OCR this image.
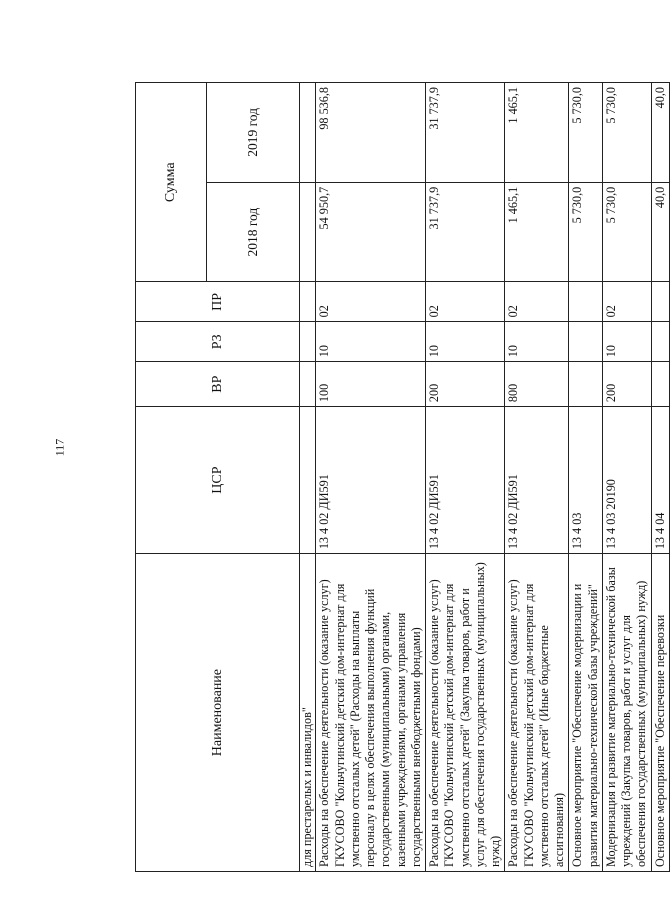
117
Наименование	ЦСР	ВР	РЗ	ПР	Сумма	
					2018 год	2019 год
для престарелых и инвалидов"						
Расходы на обеспечение деятельности (оказание услуг) ГКУСОВО "Кольчугинский детский дом-интернат для умственно отсталых детей" (Расходы на выплаты персоналу в целях обеспечения выполнения функций государственными (муниципальными) органами, казенными учреждениями, органами управления государственными внебюджетными фондами)	13 4 02 ДИ591	100	10	02	54 950,7	98 536,8
Расходы на обеспечение деятельности (оказание услуг) ГКУСОВО "Кольчугинский детский дом-интернат для умственно отсталых детей" (Закупка товаров, работ и услуг для обеспечения государственных (муниципальных) нужд)	13 4 02 ДИ591	200	10	02	31 737,9	31 737,9
Расходы на обеспечение деятельности (оказание услуг) ГКУСОВО "Кольчугинский детский дом-интернат для умственно отсталых детей" (Иные бюджетные ассигнования)	13 4 02 ДИ591	800	10	02	1 465,1	1 465,1
Основное мероприятие "Обеспечение модернизации и развития материально-технической базы учреждений"	13 4 03				5 730,0	5 730,0
Модернизация и развитие материально-технической базы учреждений (Закупка товаров, работ и услуг для обеспечения государственных (муниципальных) нужд)	13 4 03 20190	200	10	02	5 730,0	5 730,0
Основное мероприятие "Обеспечение перевозки	13 4 04				40,0	40,0
